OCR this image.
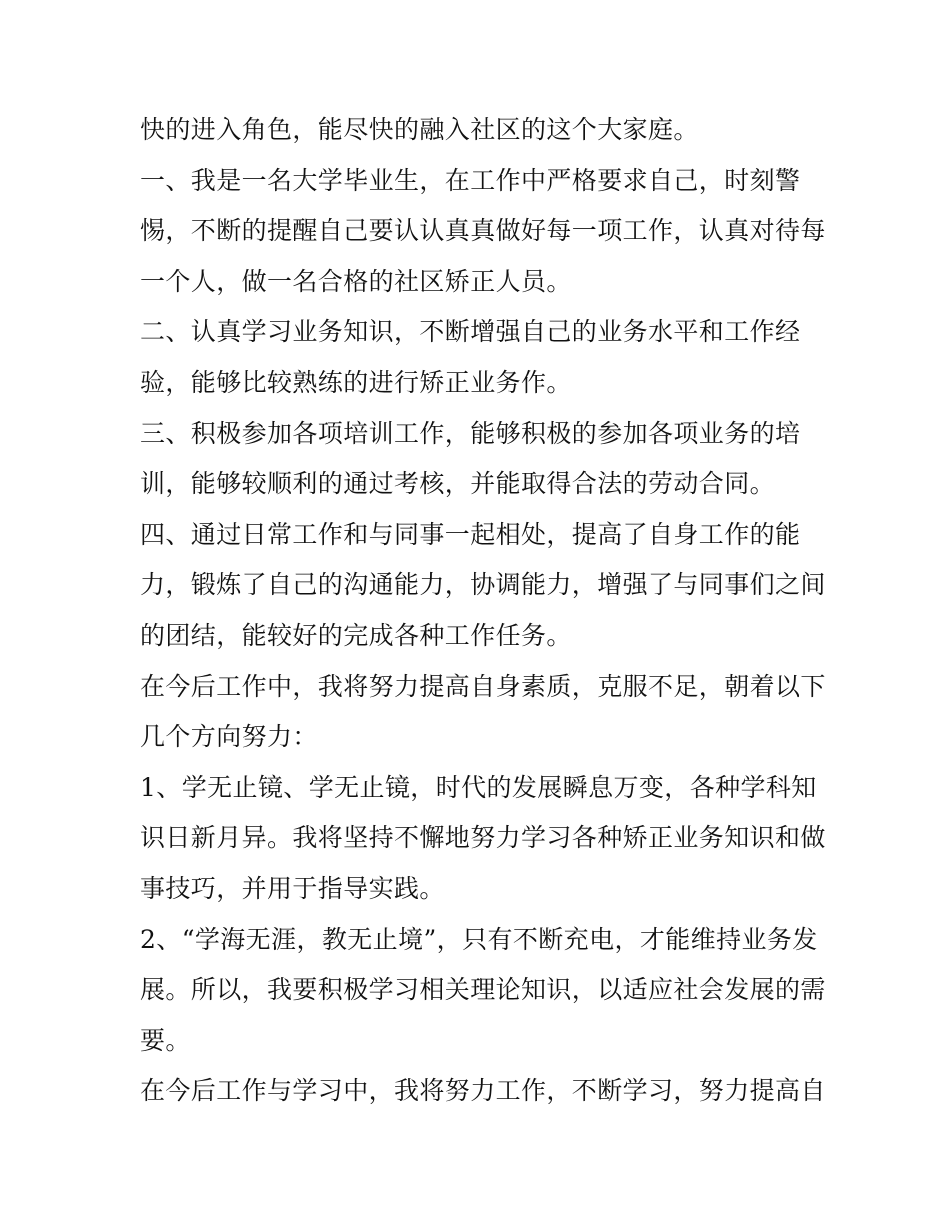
快的进入角色，能尽快的融入社区的这个大家庭。
一、我是一名大学毕业生，在工作中严格要求自己，时刻警
惕，不断的提醒自己要认认真真做好每一项工作，认真对待每
一个人，做一名合格的社区矫正人员。
二、认真学习业务知识，不断增强自己的业务水平和工作经
验，能够比较熟练的进行矫正业务作。
三、积极参加各项培训工作，能够积极的参加各项业务的培
训，能够较顺利的通过考核，并能取得合法的劳动合同。
四、通过日常工作和与同事一起相处，提高了自身工作的能
力，锻炼了自己的沟通能力，协调能力，增强了与同事们之间
的团结，能较好的完成各种工作任务。
在今后工作中，我将努力提高自身素质，克服不足，朝着以下
几个方向努力：
1、学无止镜、学无止镜，时代的发展瞬息万变，各种学科知
识日新月异。我将坚持不懈地努力学习各种矫正业务知识和做
事技巧，并用于指导实践。
2、“学海无涯，教无止境”，只有不断充电，才能维持业务发
展。所以，我要积极学习相关理论知识，以适应社会发展的需
要。
在今后工作与学习中，我将努力工作，不断学习，努力提高自
